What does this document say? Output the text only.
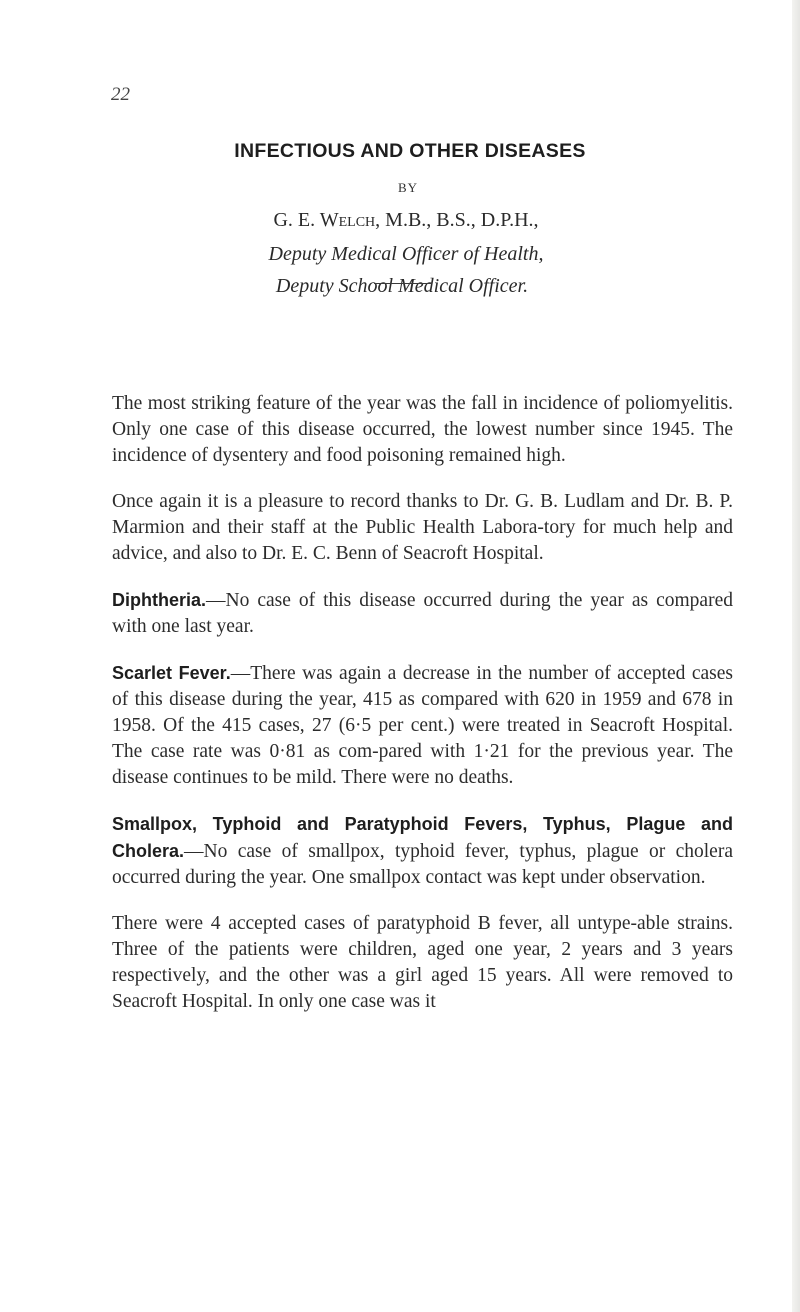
22
INFECTIOUS AND OTHER DISEASES
BY
G. E. Welch, M.B., B.S., D.P.H.,
Deputy Medical Officer of Health,
Deputy School Medical Officer.

The most striking feature of the year was the fall in incidence of poliomyelitis. Only one case of this disease occurred, the lowest number since 1945. The incidence of dysentery and food poisoning remained high.

Once again it is a pleasure to record thanks to Dr. G. B. Ludlam and Dr. B. P. Marmion and their staff at the Public Health Labora-tory for much help and advice, and also to Dr. E. C. Benn of Seacroft Hospital.

Diphtheria.—No case of this disease occurred during the year as compared with one last year.

Scarlet Fever.—There was again a decrease in the number of accepted cases of this disease during the year, 415 as compared with 620 in 1959 and 678 in 1958. Of the 415 cases, 27 (6·5 per cent.) were treated in Seacroft Hospital. The case rate was 0·81 as com-pared with 1·21 for the previous year. The disease continues to be mild. There were no deaths.

Smallpox, Typhoid and Paratyphoid Fevers, Typhus, Plague and Cholera.—No case of smallpox, typhoid fever, typhus, plague or cholera occurred during the year. One smallpox contact was kept under observation.

There were 4 accepted cases of paratyphoid B fever, all untype-able strains. Three of the patients were children, aged one year, 2 years and 3 years respectively, and the other was a girl aged 15 years. All were removed to Seacroft Hospital. In only one case was it
